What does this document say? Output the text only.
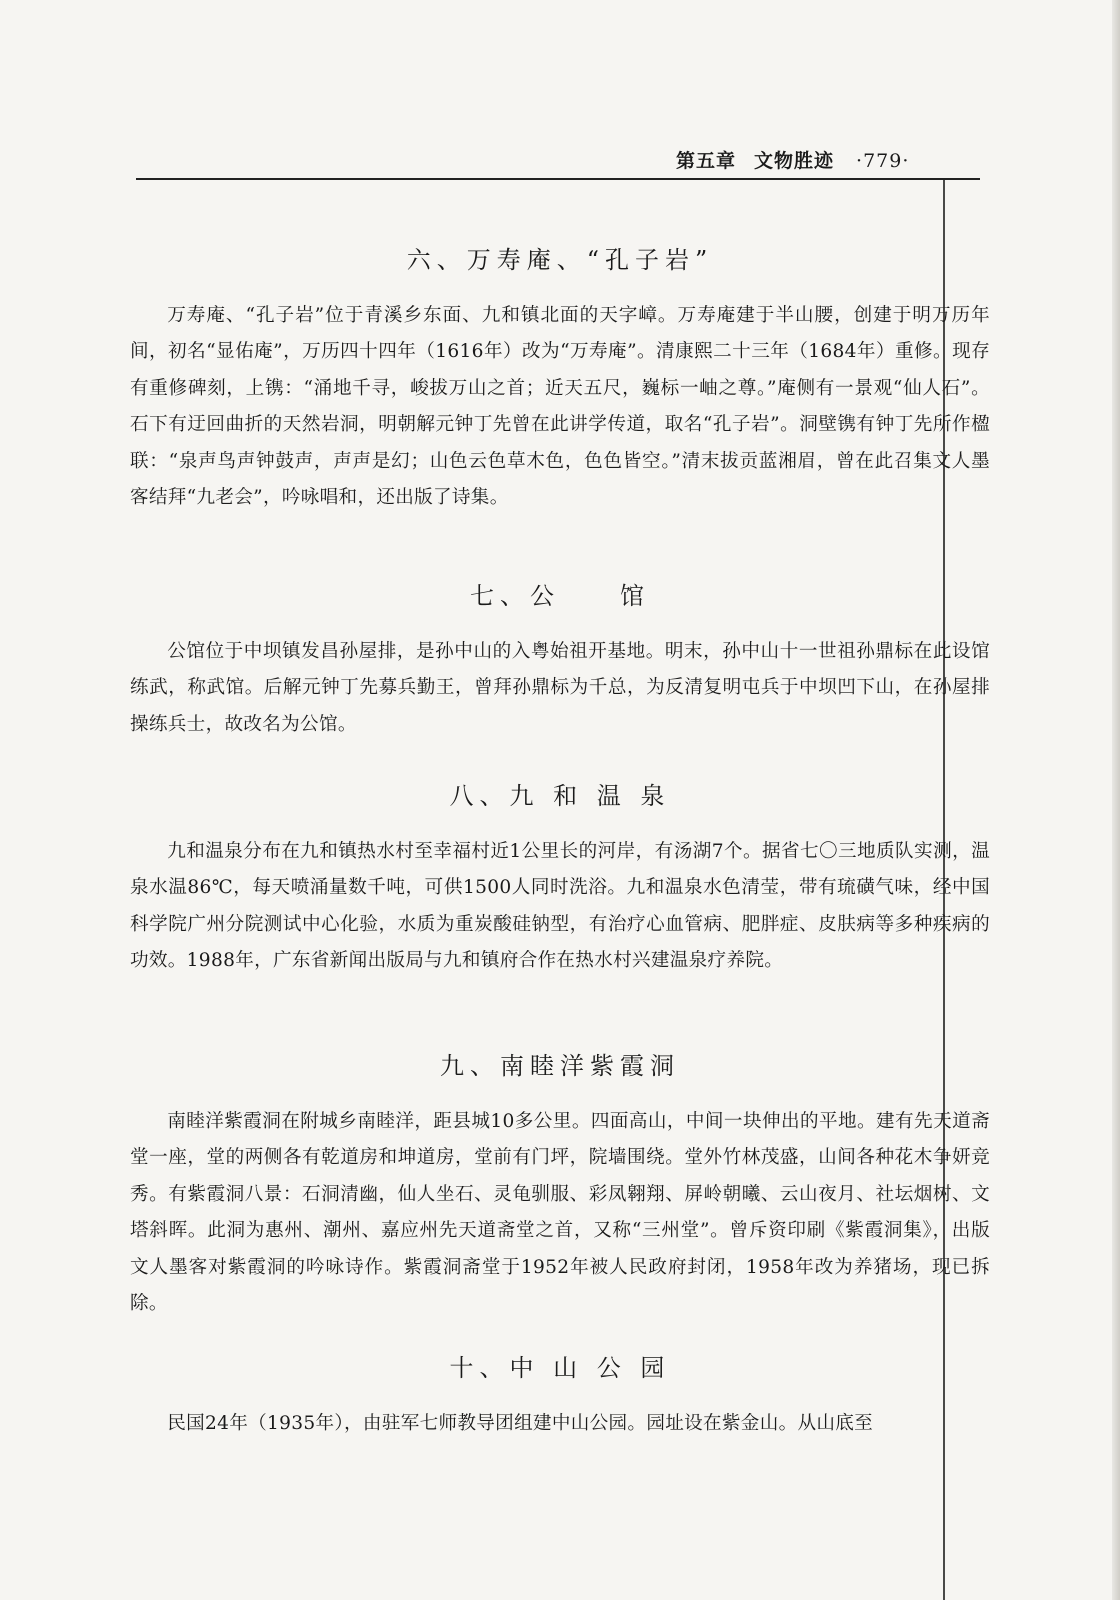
第五章 文物胜迹 ·779·
六、万寿庵、“孔子岩”
万寿庵、“孔子岩”位于青溪乡东面、九和镇北面的天字嶂。万寿庵建于半山腰，创建于明万历年间，初名“显佑庵”，万历四十四年（1616年）改为“万寿庵”。清康熙二十三年（1684年）重修。现存有重修碑刻，上镌：“涌地千寻，峻拔万山之首；近天五尺，巍标一岫之尊。”庵侧有一景观“仙人石”。石下有迂回曲折的天然岩洞，明朝解元钟丁先曾在此讲学传道，取名“孔子岩”。洞壁镌有钟丁先所作楹联：“泉声鸟声钟鼓声，声声是幻；山色云色草木色，色色皆空。”清末拔贡蓝湘眉，曾在此召集文人墨客结拜“九老会”，吟咏唱和，还出版了诗集。
七、公　　馆
公馆位于中坝镇发昌孙屋排，是孙中山的入粤始祖开基地。明末，孙中山十一世祖孙鼎标在此设馆练武，称武馆。后解元钟丁先募兵勤王，曾拜孙鼎标为千总，为反清复明屯兵于中坝凹下山，在孙屋排操练兵士，故改名为公馆。
八、九 和 温 泉
九和温泉分布在九和镇热水村至幸福村近1公里长的河岸，有汤湖7个。据省七〇三地质队实测，温泉水温86℃，每天喷涌量数千吨，可供1500人同时洗浴。九和温泉水色清莹，带有琉磺气味，经中国科学院广州分院测试中心化验，水质为重炭酸硅钠型，有治疗心血管病、肥胖症、皮肤病等多种疾病的功效。1988年，广东省新闻出版局与九和镇府合作在热水村兴建温泉疗养院。
九、南睦洋紫霞洞
南睦洋紫霞洞在附城乡南睦洋，距县城10多公里。四面高山，中间一块伸出的平地。建有先天道斋堂一座，堂的两侧各有乾道房和坤道房，堂前有门坪，院墙围绕。堂外竹林茂盛，山间各种花木争妍竞秀。有紫霞洞八景：石洞清幽，仙人坐石、灵龟驯服、彩凤翱翔、屏岭朝曦、云山夜月、社坛烟树、文塔斜晖。此洞为惠州、潮州、嘉应州先天道斋堂之首，又称“三州堂”。曾斥资印刷《紫霞洞集》，出版文人墨客对紫霞洞的吟咏诗作。紫霞洞斋堂于1952年被人民政府封闭，1958年改为养猪场，现已拆除。
十、中 山 公 园
民国24年（1935年），由驻军七师教导团组建中山公园。园址设在紫金山。从山底至
